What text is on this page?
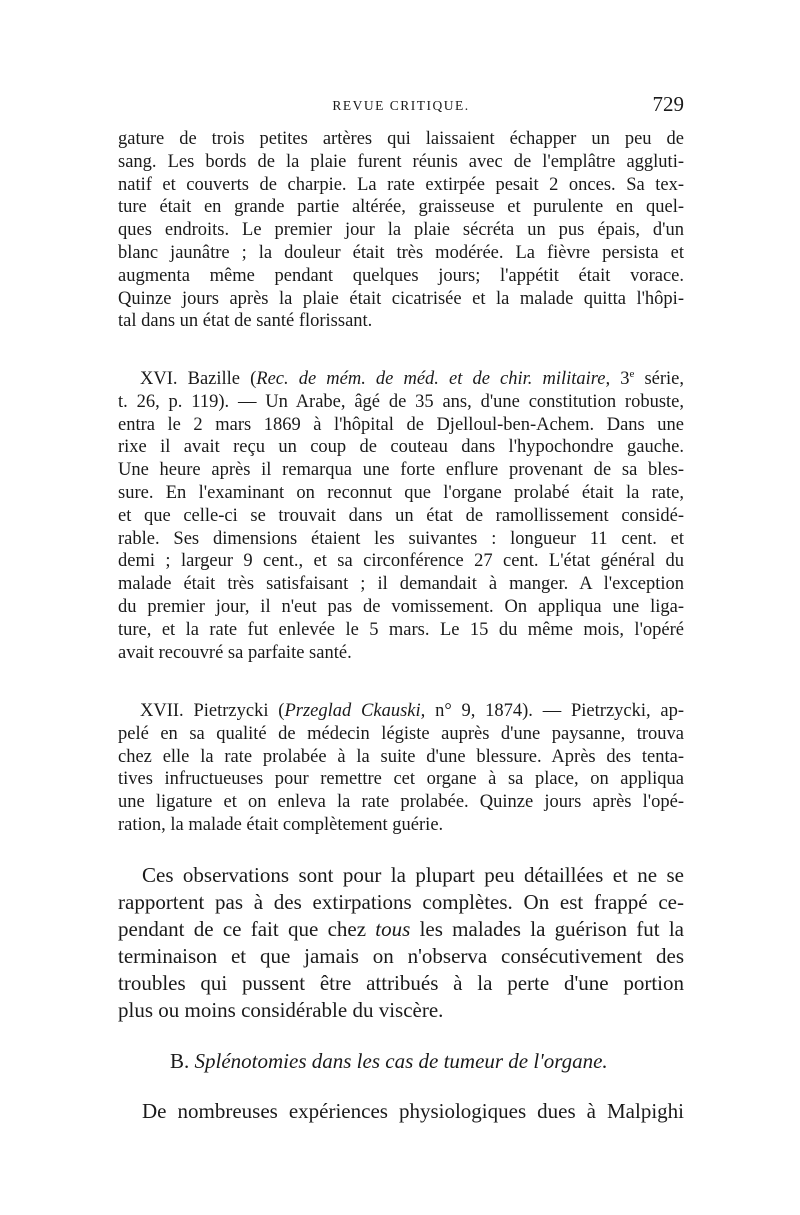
REVUE CRITIQUE.	729
gature de trois petites artères qui laissaient échapper un peu de
sang. Les bords de la plaie furent réunis avec de l'emplâtre aggluti-
natif et couverts de charpie. La rate extirpée pesait 2 onces. Sa tex-
ture était en grande partie altérée, graisseuse et purulente en quel-
ques endroits. Le premier jour la plaie sécréta un pus épais, d'un
blanc jaunâtre ; la douleur était très modérée. La fièvre persista et
augmenta même pendant quelques jours; l'appétit était vorace.
Quinze jours après la plaie était cicatrisée et la malade quitta l'hôpi-
tal dans un état de santé florissant.
XVI. Bazille (Rec. de mém. de méd. et de chir. militaire, 3e série,
t. 26, p. 119). — Un Arabe, âgé de 35 ans, d'une constitution robuste,
entra le 2 mars 1869 à l'hôpital de Djelloul-ben-Achem. Dans une
rixe il avait reçu un coup de couteau dans l'hypochondre gauche.
Une heure après il remarqua une forte enflure provenant de sa bles-
sure. En l'examinant on reconnut que l'organe prolabé était la rate,
et que celle-ci se trouvait dans un état de ramollissement considé-
rable. Ses dimensions étaient les suivantes : longueur 11 cent. et
demi ; largeur 9 cent., et sa circonférence 27 cent. L'état général du
malade était très satisfaisant ; il demandait à manger. A l'exception
du premier jour, il n'eut pas de vomissement. On appliqua une liga-
ture, et la rate fut enlevée le 5 mars. Le 15 du même mois, l'opéré
avait recouvré sa parfaite santé.
XVII. Pietrzycki (Przeglad Ckauski, n° 9, 1874). — Pietrzycki, ap-
pelé en sa qualité de médecin légiste auprès d'une paysanne, trouva
chez elle la rate prolabée à la suite d'une blessure. Après des tenta-
tives infructueuses pour remettre cet organe à sa place, on appliqua
une ligature et on enleva la rate prolabée. Quinze jours après l'opé-
ration, la malade était complètement guérie.
Ces observations sont pour la plupart peu détaillées et ne se
rapportent pas à des extirpations complètes. On est frappé ce-
pendant de ce fait que chez tous les malades la guérison fut la
terminaison et que jamais on n'observa consécutivement des
troubles qui pussent être attribués à la perte d'une portion
plus ou moins considérable du viscère.
B. Splénotomies dans les cas de tumeur de l'organe.
De nombreuses expériences physiologiques dues à Malpighi
